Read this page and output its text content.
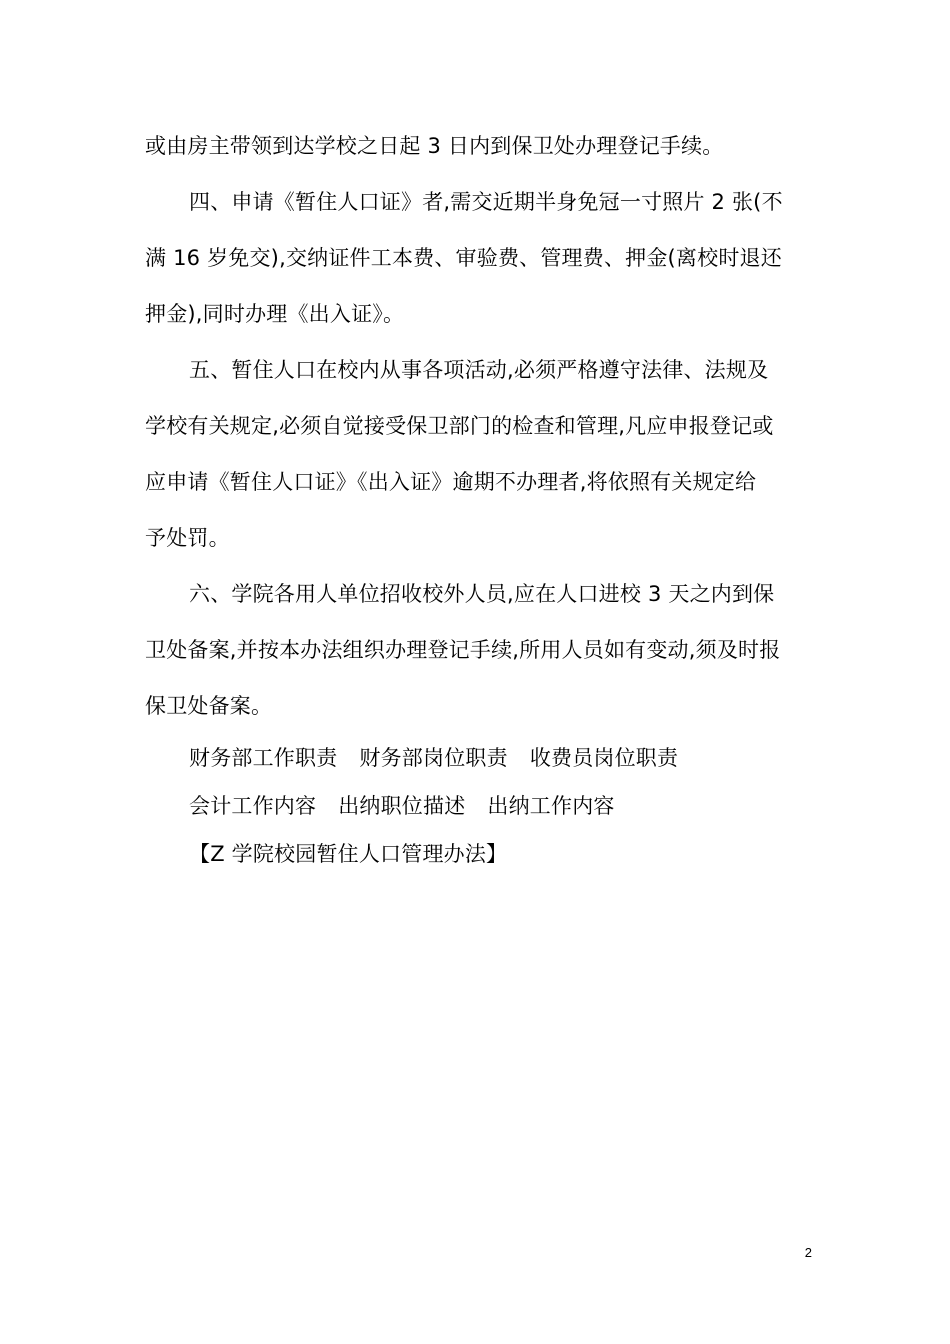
或由房主带领到达学校之日起 3 日内到保卫处办理登记手续。
四、申请《暂住人口证》者,需交近期半身免冠一寸照片 2 张(不
满 16 岁免交),交纳证件工本费、审验费、管理费、押金(离校时退还
押金),同时办理《出入证》。
五、暂住人口在校内从事各项活动,必须严格遵守法律、法规及
学校有关规定,必须自觉接受保卫部门的检查和管理,凡应申报登记或
应申请《暂住人口证》《出入证》逾期不办理者,将依照有关规定给
予处罚。
六、学院各用人单位招收校外人员,应在人口进校 3 天之内到保
卫处备案,并按本办法组织办理登记手续,所用人员如有变动,须及时报
保卫处备案。
财务部工作职责 财务部岗位职责 收费员岗位职责
会计工作内容 出纳职位描述 出纳工作内容
【Z 学院校园暂住人口管理办法】
2
